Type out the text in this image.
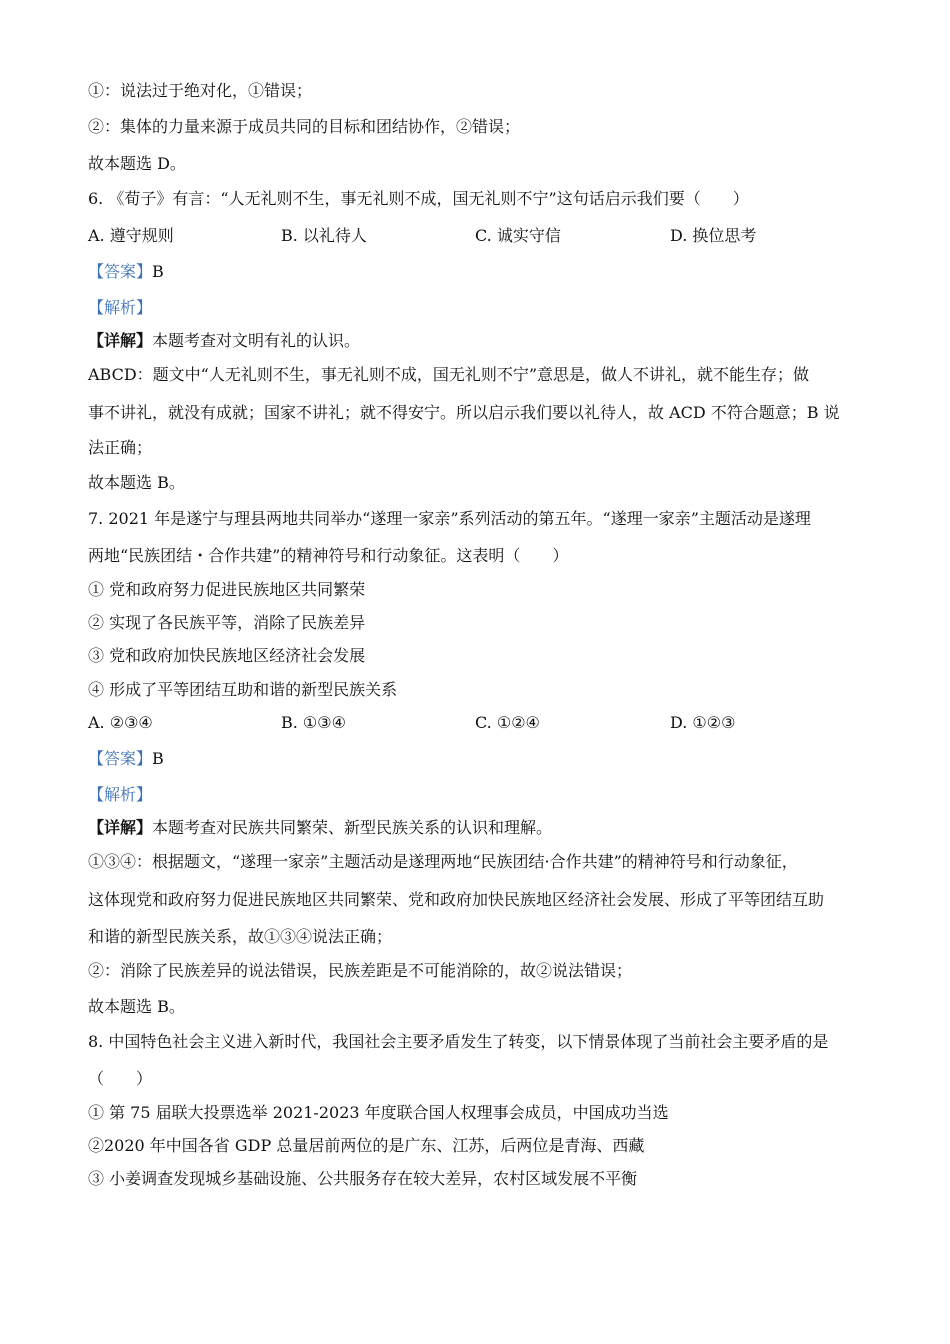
①：说法过于绝对化，①错误；
②：集体的力量来源于成员共同的目标和团结协作，②错误；
故本题选 D。
6. 《荀子》有言：“人无礼则不生，事无礼则不成，国无礼则不宁”这句话启示我们要（　　）
A. 遵守规则	B. 以礼待人	C. 诚实守信	D. 换位思考
【答案】B
【解析】
【详解】本题考查对文明有礼的认识。
ABCD：题文中“人无礼则不生，事无礼则不成，国无礼则不宁”意思是，做人不讲礼，就不能生存；做
事不讲礼，就没有成就；国家不讲礼；就不得安宁。所以启示我们要以礼待人，故 ACD 不符合题意；B 说
法正确；
故本题选 B。
7. 2021 年是遂宁与理县两地共同举办“遂理一家亲”系列活动的第五年。“遂理一家亲”主题活动是遂理
两地“民族团结・合作共建”的精神符号和行动象征。这表明（　　）
① 党和政府努力促进民族地区共同繁荣
② 实现了各民族平等，消除了民族差异
③ 党和政府加快民族地区经济社会发展
④ 形成了平等团结互助和谐的新型民族关系
A. ②③④	B. ①③④	C. ①②④	D. ①②③
【答案】B
【解析】
【详解】本题考查对民族共同繁荣、新型民族关系的认识和理解。
①③④：根据题文，“遂理一家亲”主题活动是遂理两地“民族团结·合作共建”的精神符号和行动象征，
这体现党和政府努力促进民族地区共同繁荣、党和政府加快民族地区经济社会发展、形成了平等团结互助
和谐的新型民族关系，故①③④说法正确；
②：消除了民族差异的说法错误，民族差距是不可能消除的，故②说法错误；
故本题选 B。
8. 中国特色社会主义进入新时代，我国社会主要矛盾发生了转变，以下情景体现了当前社会主要矛盾的是
（　　）
① 第 75 届联大投票选举 2021-2023 年度联合国人权理事会成员，中国成功当选
②2020 年中国各省 GDP 总量居前两位的是广东、江苏，后两位是青海、西藏
③ 小姜调查发现城乡基础设施、公共服务存在较大差异，农村区域发展不平衡
